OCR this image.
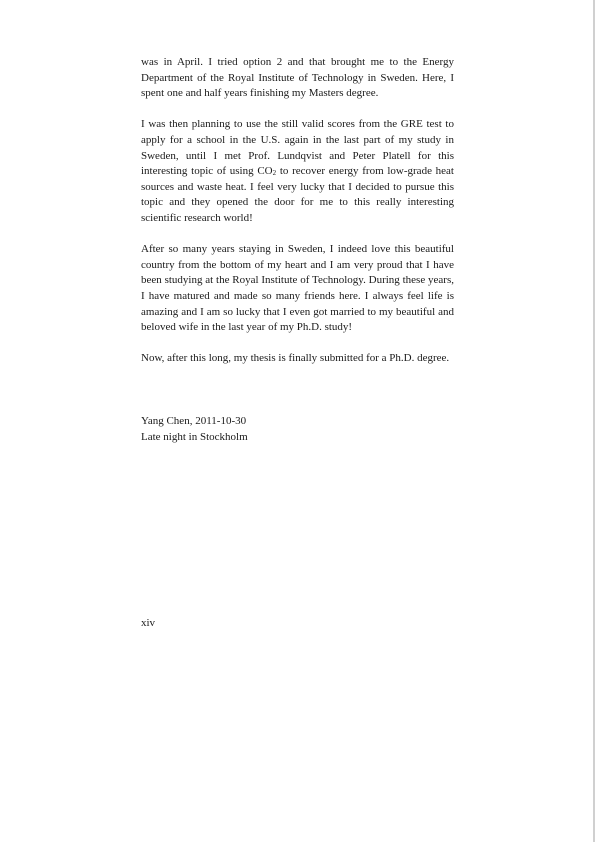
was in April. I tried option 2 and that brought me to the Energy Department of the Royal Institute of Technology in Sweden. Here, I spent one and half years finishing my Masters degree.

I was then planning to use the still valid scores from the GRE test to apply for a school in the U.S. again in the last part of my study in Sweden, until I met Prof. Lundqvist and Peter Platell for this interesting topic of using $CO_2$ to recover energy from low-grade heat sources and waste heat. I feel very lucky that I decided to pursue this topic and they opened the door for me to this really interesting scientific research world!

After so many years staying in Sweden, I indeed love this beautiful country from the bottom of my heart and I am very proud that I have been studying at the Royal Institute of Technology. During these years, I have matured and made so many friends here. I always feel life is amazing and I am so lucky that I even got married to my beautiful and beloved wife in the last year of my Ph.D. study!

Now, after this long, my thesis is finally submitted for a Ph.D. degree.

Yang Chen, 2011-10-30
Late night in Stockholm
xiv
